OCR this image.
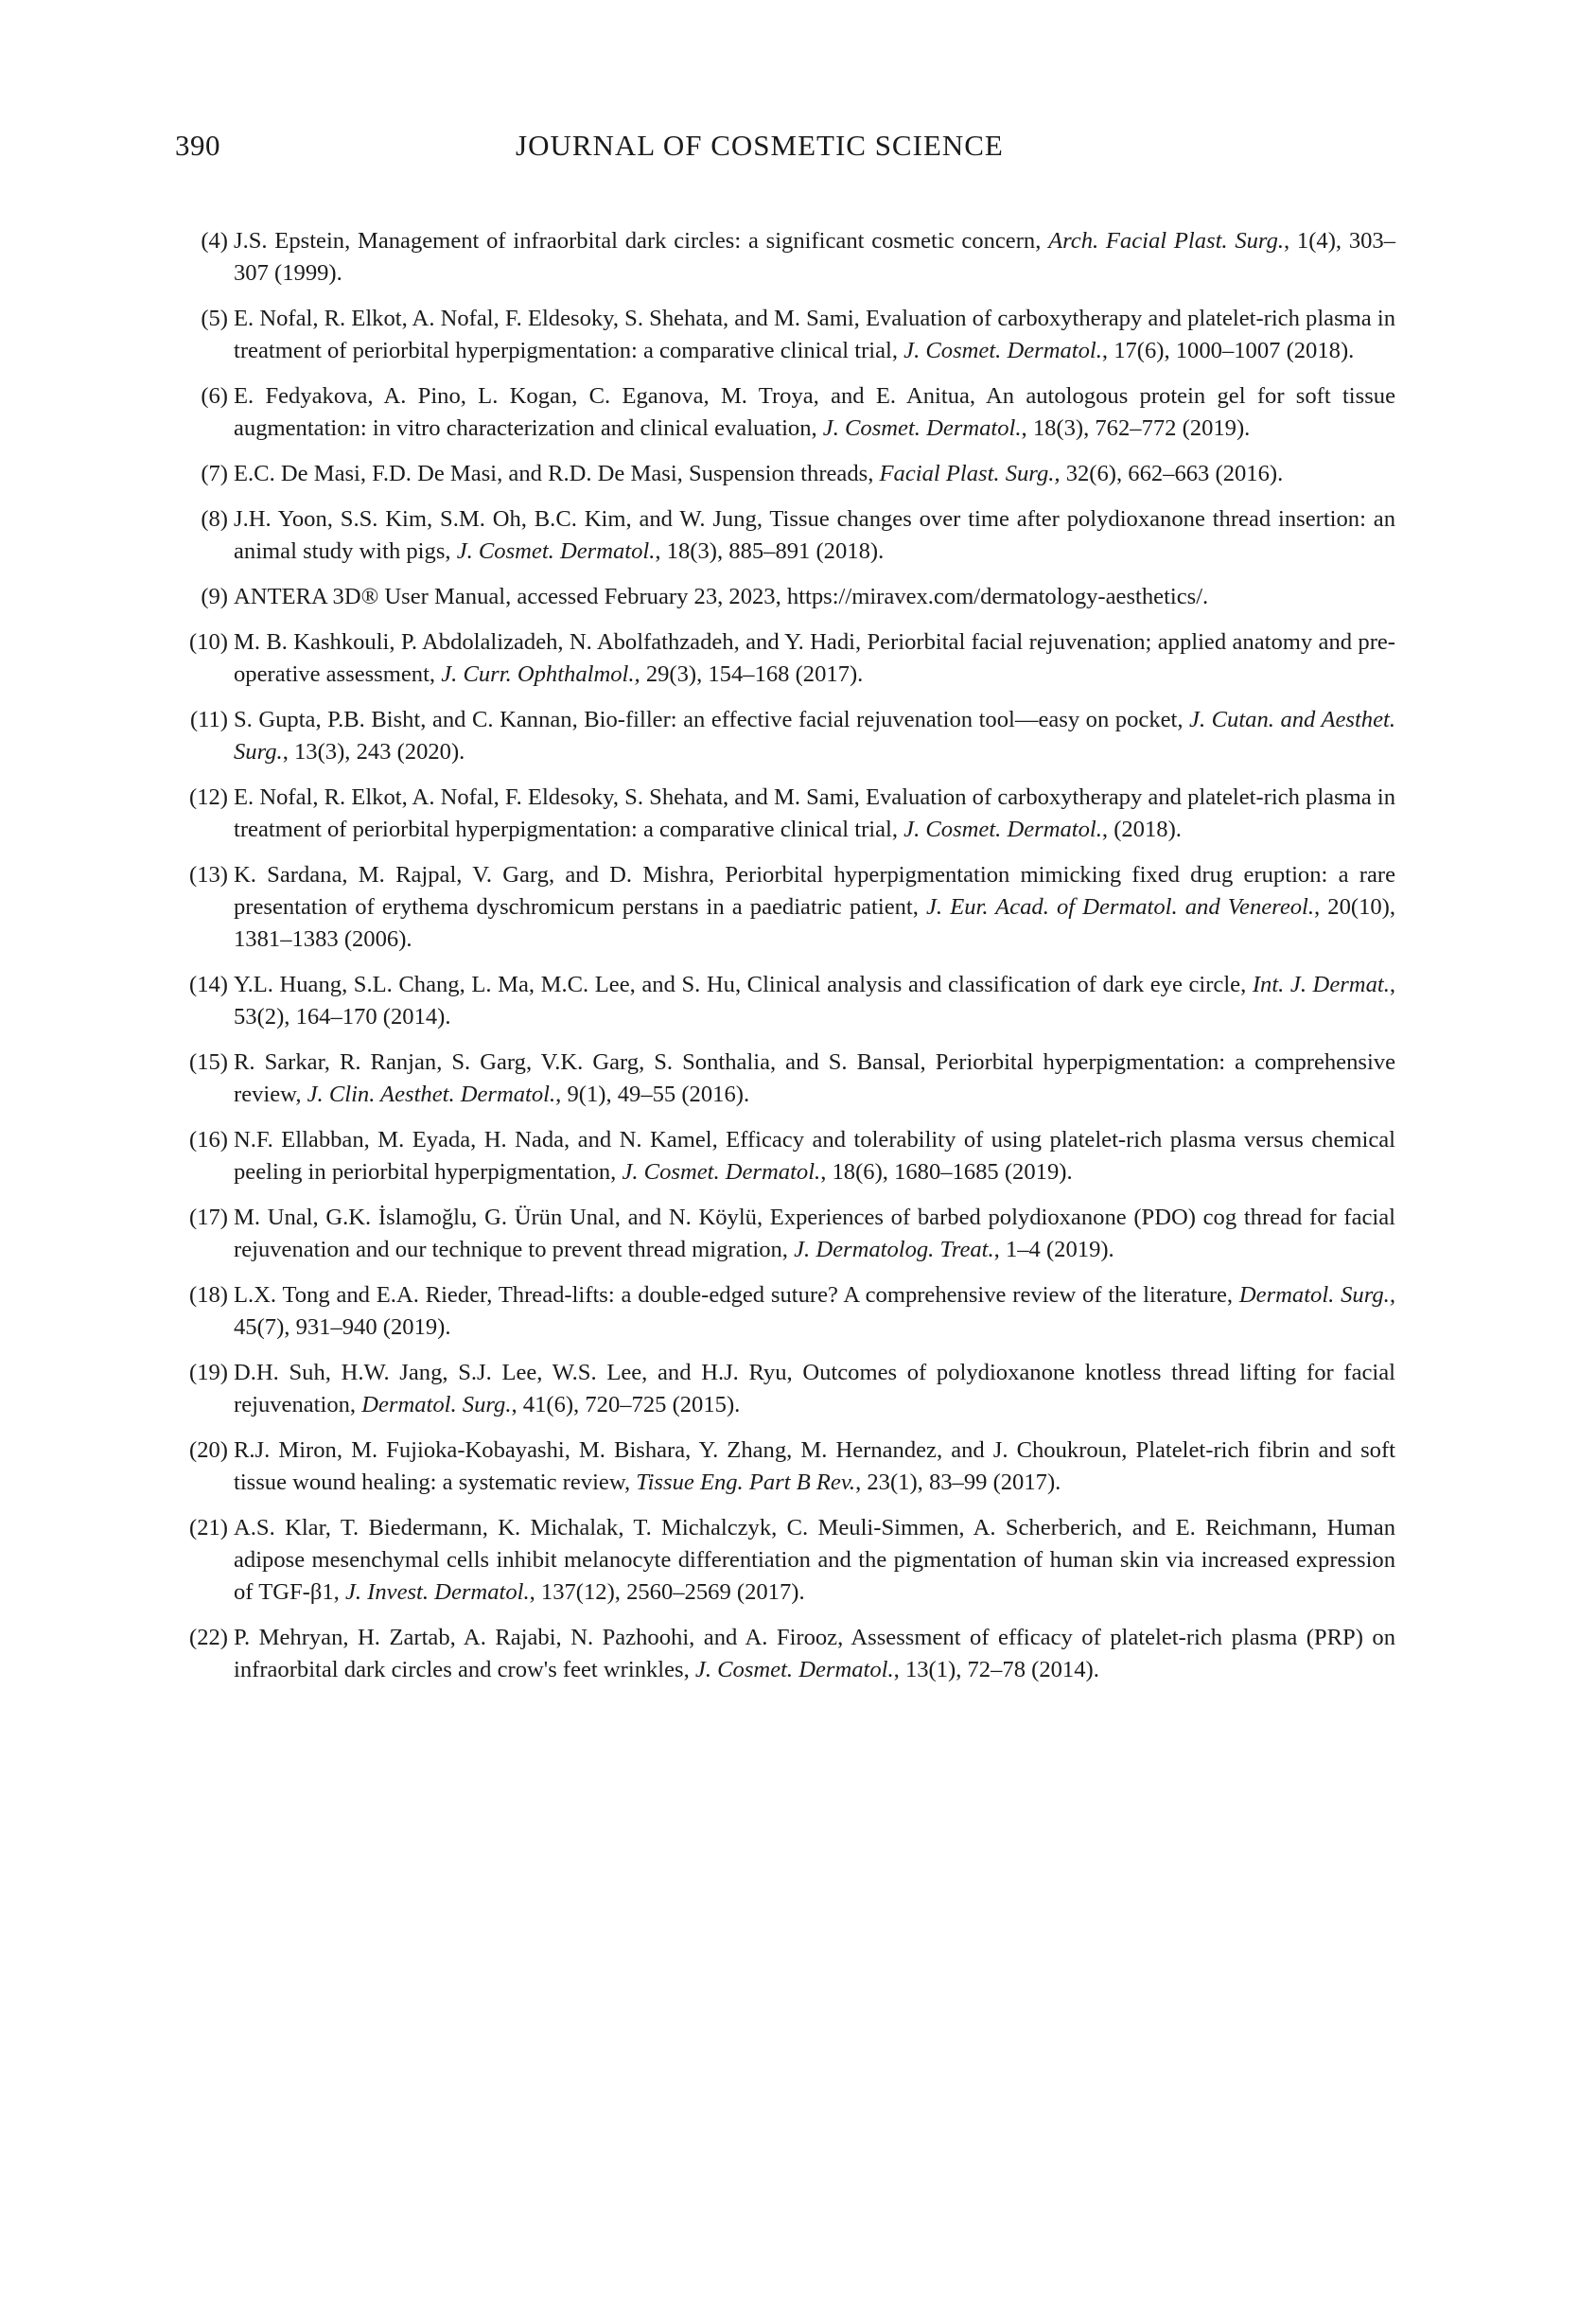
390	JOURNAL OF COSMETIC SCIENCE
(4) J.S. Epstein, Management of infraorbital dark circles: a significant cosmetic concern, Arch. Facial Plast. Surg., 1(4), 303–307 (1999).
(5) E. Nofal, R. Elkot, A. Nofal, F. Eldesoky, S. Shehata, and M. Sami, Evaluation of carboxytherapy and platelet-rich plasma in treatment of periorbital hyperpigmentation: a comparative clinical trial, J. Cosmet. Dermatol., 17(6), 1000–1007 (2018).
(6) E. Fedyakova, A. Pino, L. Kogan, C. Eganova, M. Troya, and E. Anitua, An autologous protein gel for soft tissue augmentation: in vitro characterization and clinical evaluation, J. Cosmet. Dermatol., 18(3), 762–772 (2019).
(7) E.C. De Masi, F.D. De Masi, and R.D. De Masi, Suspension threads, Facial Plast. Surg., 32(6), 662–663 (2016).
(8) J.H. Yoon, S.S. Kim, S.M. Oh, B.C. Kim, and W. Jung, Tissue changes over time after polydioxanone thread insertion: an animal study with pigs, J. Cosmet. Dermatol., 18(3), 885–891 (2018).
(9) ANTERA 3D® User Manual, accessed February 23, 2023, https://miravex.com/dermatology-aesthetics/.
(10) M. B. Kashkouli, P. Abdolalizadeh, N. Abolfathzadeh, and Y. Hadi, Periorbital facial rejuvenation; applied anatomy and pre-operative assessment, J. Curr. Ophthalmol., 29(3), 154–168 (2017).
(11) S. Gupta, P.B. Bisht, and C. Kannan, Bio-filler: an effective facial rejuvenation tool—easy on pocket, J. Cutan. and Aesthet. Surg., 13(3), 243 (2020).
(12) E. Nofal, R. Elkot, A. Nofal, F. Eldesoky, S. Shehata, and M. Sami, Evaluation of carboxytherapy and platelet-rich plasma in treatment of periorbital hyperpigmentation: a comparative clinical trial, J. Cosmet. Dermatol., (2018).
(13) K. Sardana, M. Rajpal, V. Garg, and D. Mishra, Periorbital hyperpigmentation mimicking fixed drug eruption: a rare presentation of erythema dyschromicum perstans in a paediatric patient, J. Eur. Acad. of Dermatol. and Venereol., 20(10), 1381–1383 (2006).
(14) Y.L. Huang, S.L. Chang, L. Ma, M.C. Lee, and S. Hu, Clinical analysis and classification of dark eye circle, Int. J. Dermat., 53(2), 164–170 (2014).
(15) R. Sarkar, R. Ranjan, S. Garg, V.K. Garg, S. Sonthalia, and S. Bansal, Periorbital hyperpigmentation: a comprehensive review, J. Clin. Aesthet. Dermatol., 9(1), 49–55 (2016).
(16) N.F. Ellabban, M. Eyada, H. Nada, and N. Kamel, Efficacy and tolerability of using platelet-rich plasma versus chemical peeling in periorbital hyperpigmentation, J. Cosmet. Dermatol., 18(6), 1680–1685 (2019).
(17) M. Unal, G.K. İslamoğlu, G. Ürün Unal, and N. Köylü, Experiences of barbed polydioxanone (PDO) cog thread for facial rejuvenation and our technique to prevent thread migration, J. Dermatolog. Treat., 1–4 (2019).
(18) L.X. Tong and E.A. Rieder, Thread-lifts: a double-edged suture? A comprehensive review of the literature, Dermatol. Surg., 45(7), 931–940 (2019).
(19) D.H. Suh, H.W. Jang, S.J. Lee, W.S. Lee, and H.J. Ryu, Outcomes of polydioxanone knotless thread lifting for facial rejuvenation, Dermatol. Surg., 41(6), 720–725 (2015).
(20) R.J. Miron, M. Fujioka-Kobayashi, M. Bishara, Y. Zhang, M. Hernandez, and J. Choukroun, Platelet-rich fibrin and soft tissue wound healing: a systematic review, Tissue Eng. Part B Rev., 23(1), 83–99 (2017).
(21) A.S. Klar, T. Biedermann, K. Michalak, T. Michalczyk, C. Meuli-Simmen, A. Scherberich, and E. Reichmann, Human adipose mesenchymal cells inhibit melanocyte differentiation and the pigmentation of human skin via increased expression of TGF-β1, J. Invest. Dermatol., 137(12), 2560–2569 (2017).
(22) P. Mehryan, H. Zartab, A. Rajabi, N. Pazhoohi, and A. Firooz, Assessment of efficacy of platelet-rich plasma (PRP) on infraorbital dark circles and crow's feet wrinkles, J. Cosmet. Dermatol., 13(1), 72–78 (2014).
